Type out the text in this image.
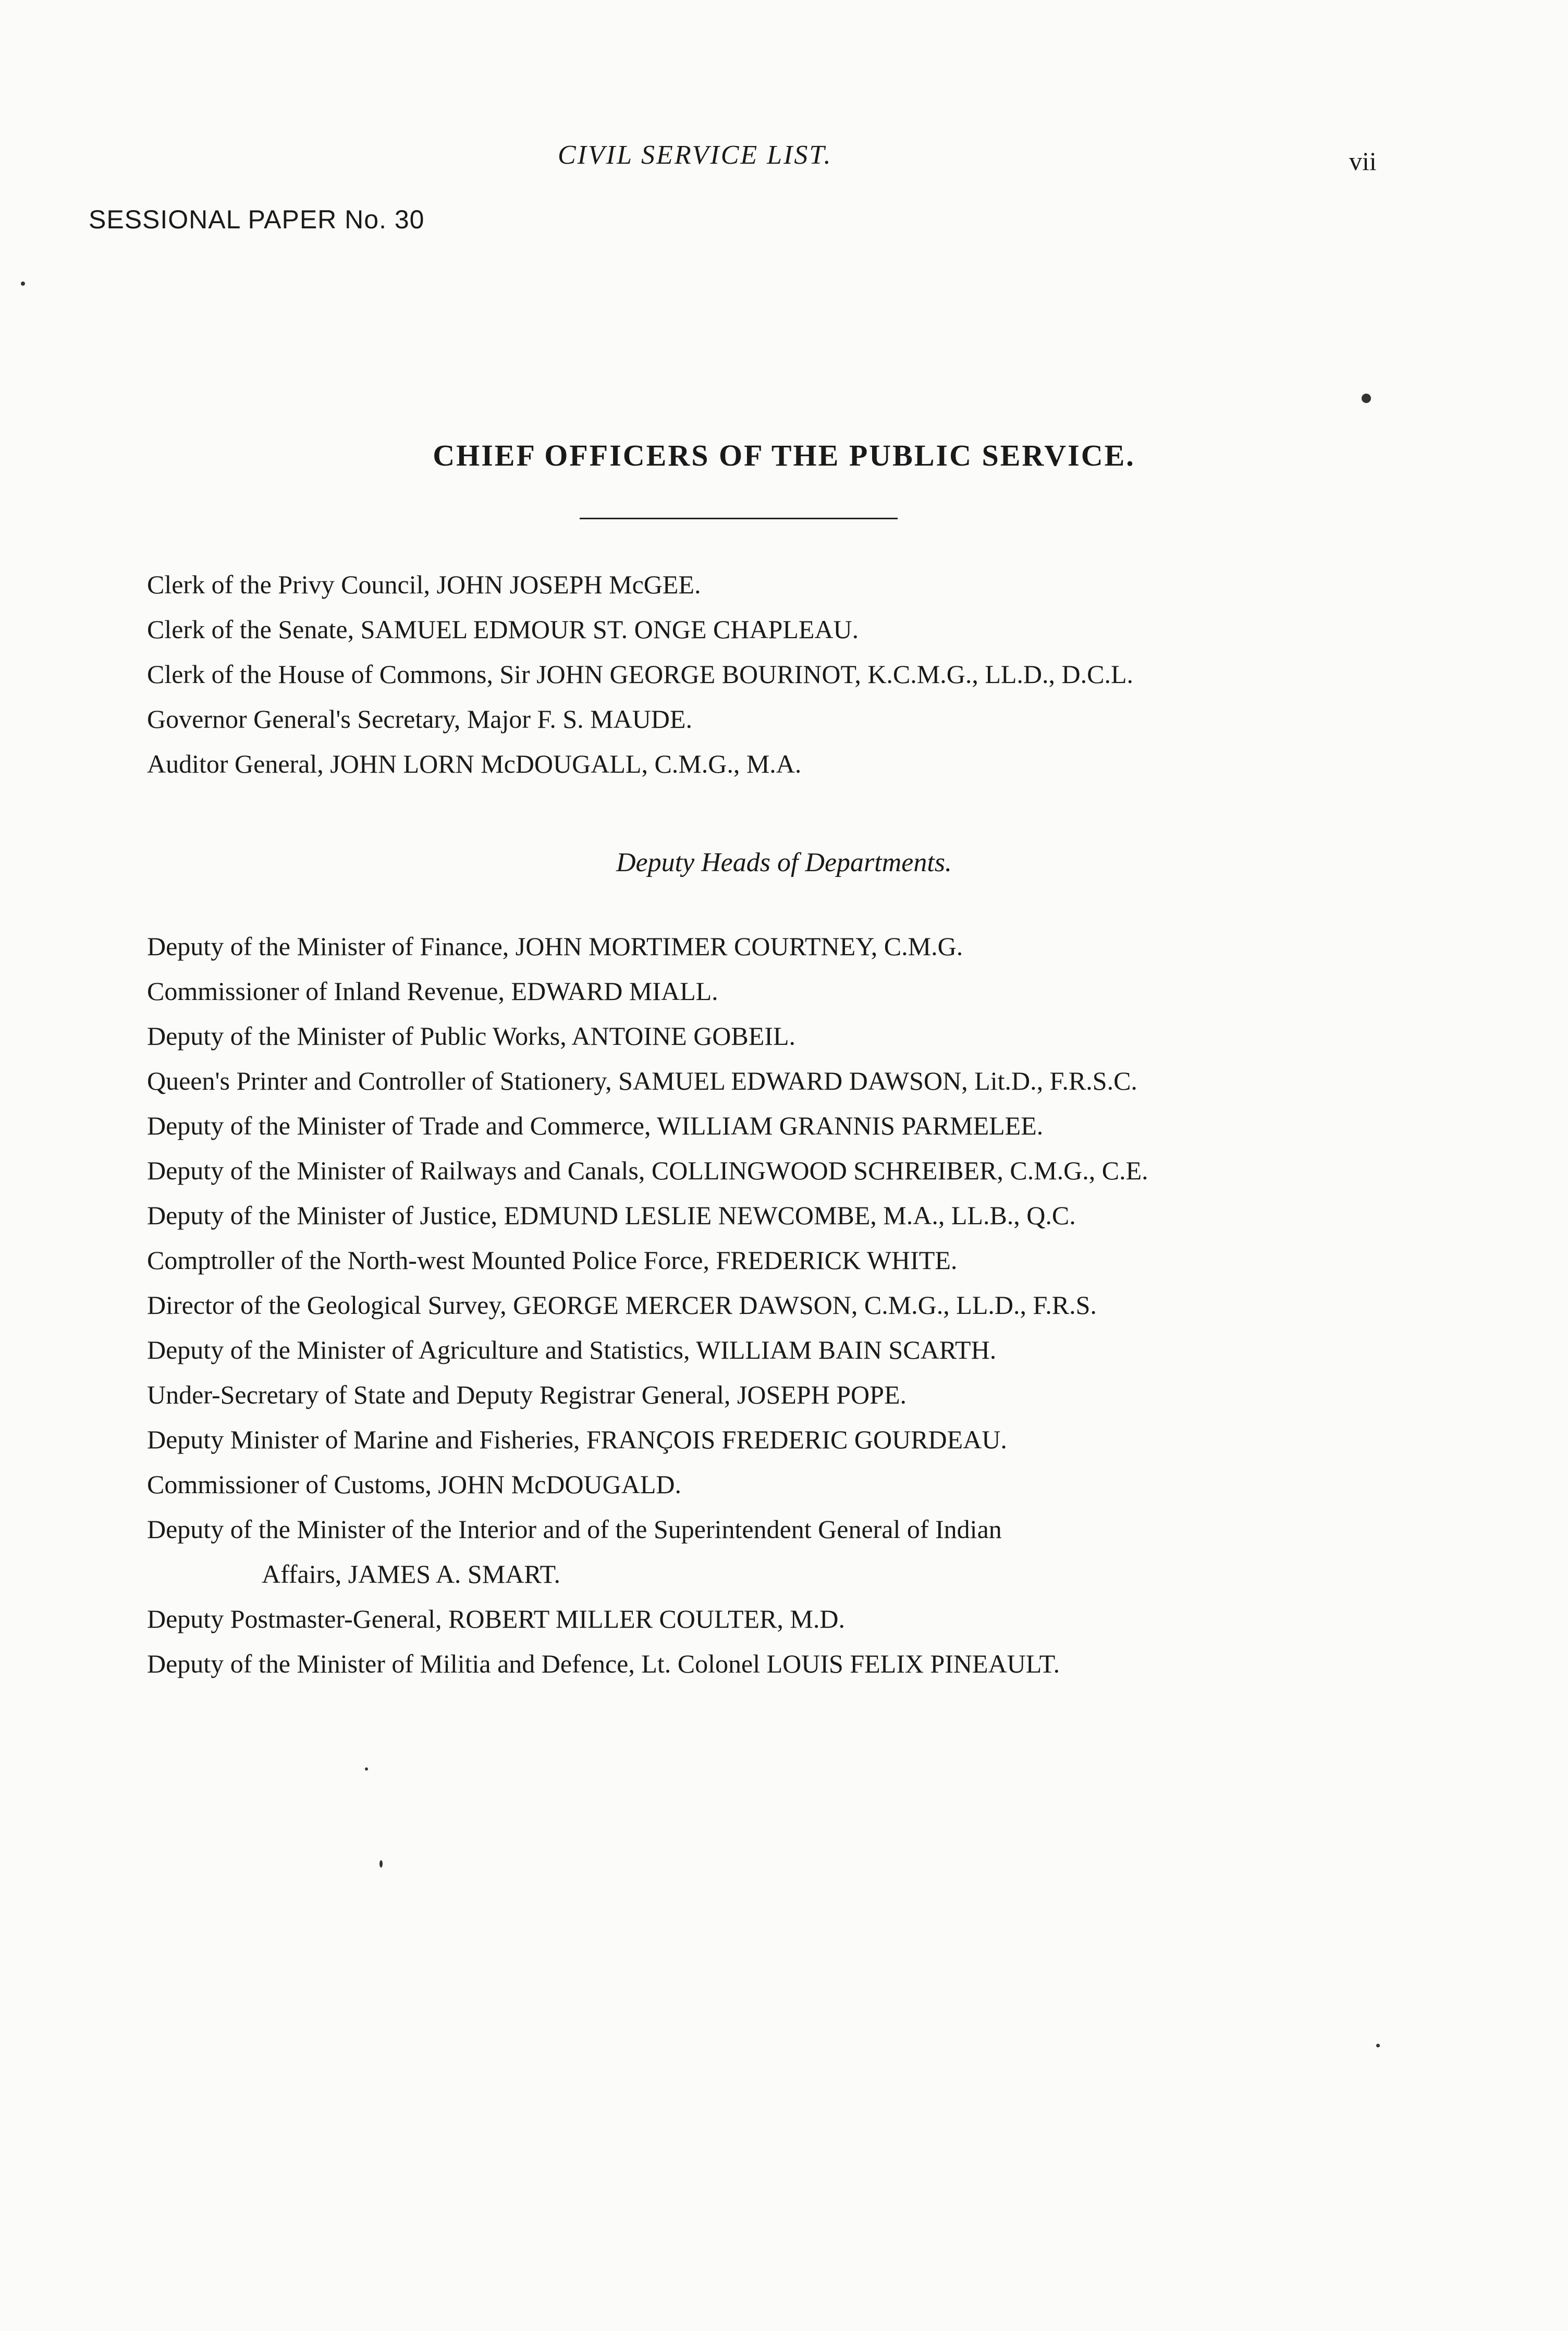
CIVIL SERVICE LIST.	vii
SESSIONAL PAPER No. 30
CHIEF OFFICERS OF THE PUBLIC SERVICE.
Clerk of the Privy Council, JOHN JOSEPH McGEE.
Clerk of the Senate, SAMUEL EDMOUR ST. ONGE CHAPLEAU.
Clerk of the House of Commons, Sir JOHN GEORGE BOURINOT, K.C.M.G., LL.D., D.C.L.
Governor General's Secretary, Major F. S. MAUDE.
Auditor General, JOHN LORN McDOUGALL, C.M.G., M.A.
Deputy Heads of Departments.
Deputy of the Minister of Finance, JOHN MORTIMER COURTNEY, C.M.G.
Commissioner of Inland Revenue, EDWARD MIALL.
Deputy of the Minister of Public Works, ANTOINE GOBEIL.
Queen's Printer and Controller of Stationery, SAMUEL EDWARD DAWSON, Lit.D., F.R.S.C.
Deputy of the Minister of Trade and Commerce, WILLIAM GRANNIS PARMELEE.
Deputy of the Minister of Railways and Canals, COLLINGWOOD SCHREIBER, C.M.G., C.E.
Deputy of the Minister of Justice, EDMUND LESLIE NEWCOMBE, M.A., LL.B., Q.C.
Comptroller of the North-west Mounted Police Force, FREDERICK WHITE.
Director of the Geological Survey, GEORGE MERCER DAWSON, C.M.G., LL.D., F.R.S.
Deputy of the Minister of Agriculture and Statistics, WILLIAM BAIN SCARTH.
Under-Secretary of State and Deputy Registrar General, JOSEPH POPE.
Deputy Minister of Marine and Fisheries, FRANÇOIS FREDERIC GOURDEAU.
Commissioner of Customs, JOHN McDOUGALD.
Deputy of the Minister of the Interior and of the Superintendent General of Indian
Affairs, JAMES A. SMART.
Deputy Postmaster-General, ROBERT MILLER COULTER, M.D.
Deputy of the Minister of Militia and Defence, Lt. Colonel LOUIS FELIX PINEAULT.
